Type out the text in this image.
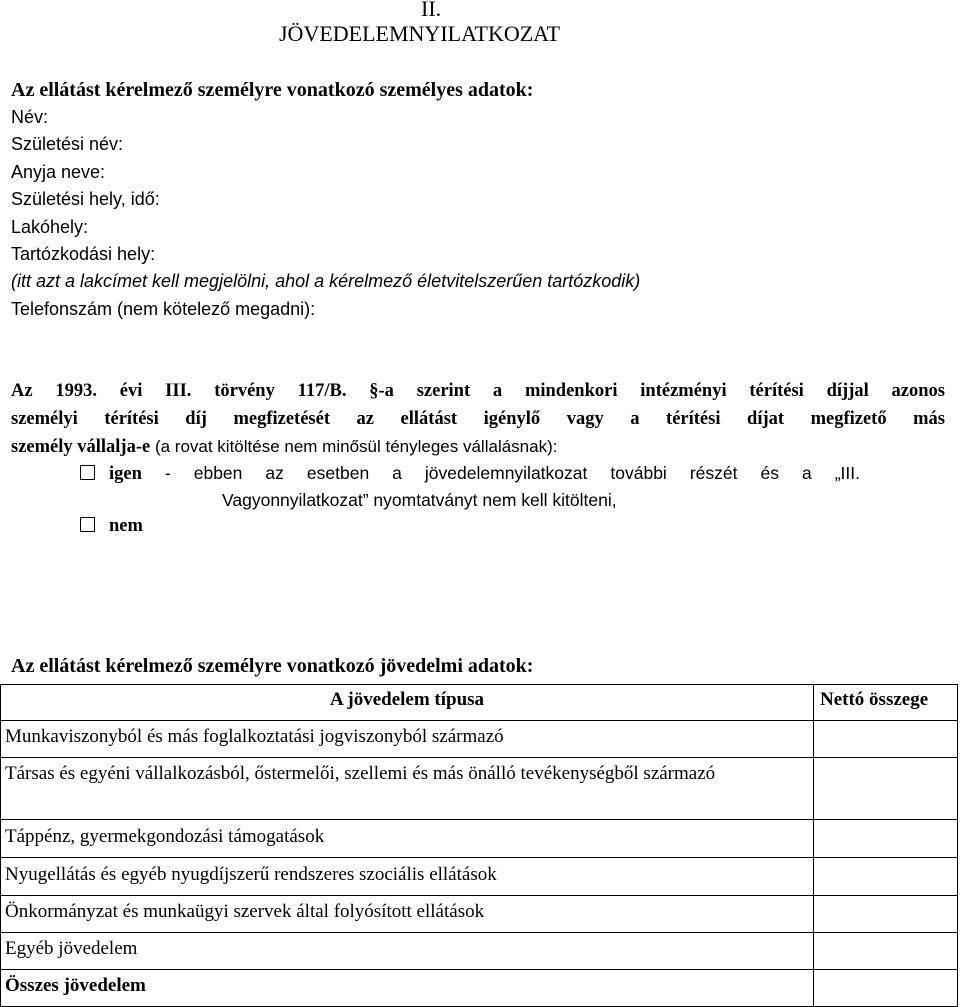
II.
JÖVEDELEMNYILATKOZAT
Az ellátást kérelmező személyre vonatkozó személyes adatok:
Név:
Születési név:
Anyja neve:
Születési hely, idő:
Lakóhely:
Tartózkodási hely:
(itt azt a lakcímet kell megjelölni, ahol a kérelmező életvitelszerűen tartózkodik)
Telefonszám (nem kötelező megadni):
Az 1993. évi III. törvény 117/B. §-a szerint a mindenkori intézményi térítési díjjal azonos
személyi térítési díj megfizetését az ellátást igénylő vagy a térítési díjat megfizető más
személy vállalja-e (a rovat kitöltése nem minősül tényleges vállalásnak):
igen - ebben az esetben a jövedelemnyilatkozat további részét és a „III.
Vagyonnyilatkozat” nyomtatványt nem kell kitölteni,
nem
Az ellátást kérelmező személyre vonatkozó jövedelmi adatok:
A jövedelem típusa	Nettó összege
Munkaviszonyból és más foglalkoztatási jogviszonyból származó	
Társas és egyéni vállalkozásból, őstermelői, szellemi és más önálló tevékenységből származó	
Táppénz, gyermekgondozási támogatások	
Nyugellátás és egyéb nyugdíjszerű rendszeres szociális ellátások	
Önkormányzat és munkaügyi szervek által folyósított ellátások	
Egyéb jövedelem	
Összes jövedelem	
